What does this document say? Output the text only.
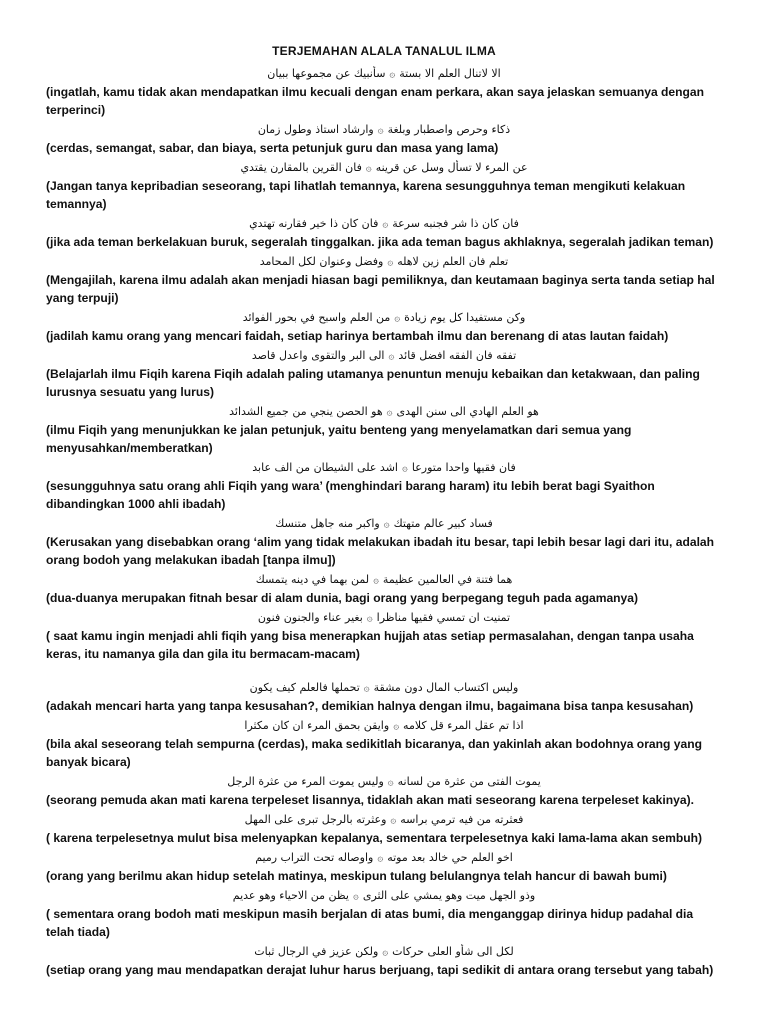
TERJEMAHAN ALALA TANALUL ILMA
الا لاتنال العلم الا بستة۞سأنبيك عن مجموعها ببيان

(ingatlah, kamu tidak akan mendapatkan ilmu kecuali dengan enam perkara, akan saya jelaskan semuanya dengan terperinci)

ذكاء وحرص واصطبار وبلغة۞وارشاد استاذ وطول زمان

(cerdas, semangat, sabar, dan biaya, serta petunjuk guru dan masa yang lama)

عن المرء لا تسأل وسل عن قرينه۞فان القرين بالمقارن يقتدي

(Jangan tanya kepribadian seseorang, tapi lihatlah temannya, karena sesungguhnya teman mengikuti kelakuan temannya)

فان كان ذا شر فجنبه سرعة۞فان كان ذا خير فقارنه تهتدي

(jika ada teman berkelakuan buruk, segeralah tinggalkan. jika ada teman bagus akhlaknya, segeralah jadikan teman)

تعلم فان العلم زين لاهله۞وفضل وعنوان لكل المحامد

(Mengajilah, karena ilmu adalah akan menjadi hiasan bagi pemiliknya, dan keutamaan baginya serta tanda setiap hal yang terpuji)

وكن مستفيدا كل يوم زيادة۞من العلم واسبح في بحور الفوائد

(jadilah kamu orang yang mencari faidah, setiap harinya bertambah ilmu dan berenang di atas lautan faidah)

تفقه فان الفقه افضل قائد۞الى البر والتقوى واعدل قاصد

(Belajarlah ilmu Fiqih karena Fiqih adalah paling utamanya penuntun menuju kebaikan dan ketakwaan, dan paling lurusnya sesuatu yang lurus)

هو العلم الهادي الى سنن الهدى۞هو الحصن ينجي من جميع الشدائد

(ilmu Fiqih yang menunjukkan ke jalan petunjuk, yaitu benteng yang menyelamatkan dari semua yang menyusahkan/memberatkan)

فان فقيها واحدا متورعا۞اشد على الشيطان من الف عابد

(sesungguhnya satu orang ahli Fiqih yang wara’ (menghindari barang haram) itu lebih berat bagi Syaithon dibandingkan 1000 ahli ibadah)

فساد كبير عالم متهتك۞واكبر منه جاهل متنسك

(Kerusakan yang disebabkan orang ‘alim yang tidak melakukan ibadah itu besar, tapi lebih besar lagi dari itu, adalah orang bodoh yang melakukan ibadah [tanpa ilmu])

هما فتنة في العالمين عظيمة۞لمن بهما في دينه يتمسك

(dua-duanya merupakan fitnah besar di alam dunia, bagi orang yang berpegang teguh pada agamanya)

تمنيت ان تمسي فقيها مناظرا۞بغير عناء والجنون فنون

( saat kamu ingin menjadi ahli fiqih yang bisa menerapkan hujjah atas setiap permasalahan, dengan tanpa usaha keras, itu namanya gila dan gila itu bermacam-macam)

وليس اكتساب المال دون مشقة۞تحملها فالعلم كيف يكون

(adakah mencari harta yang tanpa kesusahan?, demikian halnya dengan ilmu, bagaimana bisa tanpa kesusahan)

اذا تم عقل المرء قل كلامه۞وايقن بحمق المرء ان كان مكثرا

(bila akal seseorang telah sempurna (cerdas), maka sedikitlah bicaranya, dan yakinlah akan bodohnya orang yang banyak bicara)

يموت الفتى من عثرة من لسانه۞وليس يموت المرء من عثرة الرجل

(seorang pemuda akan mati karena terpeleset lisannya, tidaklah akan mati seseorang karena terpeleset kakinya).

فعثرته من فيه ترمي براسه۞وعثرته بالرجل تبرى على المهل

( karena terpelesetnya mulut bisa melenyapkan kepalanya, sementara terpelesetnya kaki lama-lama akan sembuh)

اخو العلم حي خالد بعد موته۞واوصاله تحت التراب رميم

(orang yang berilmu akan hidup setelah matinya, meskipun tulang belulangnya telah hancur di bawah bumi)

وذو الجهل ميت وهو يمشي على الثرى۞يظن من الاحياء وهو عديم

( sementara orang bodoh mati meskipun masih berjalan di atas bumi, dia menganggap dirinya hidup padahal dia telah tiada)

لكل الى شأو العلى حركات۞ولكن عزيز في الرجال ثبات

(setiap orang yang mau mendapatkan derajat luhur harus berjuang, tapi sedikit di antara orang tersebut yang tabah)
